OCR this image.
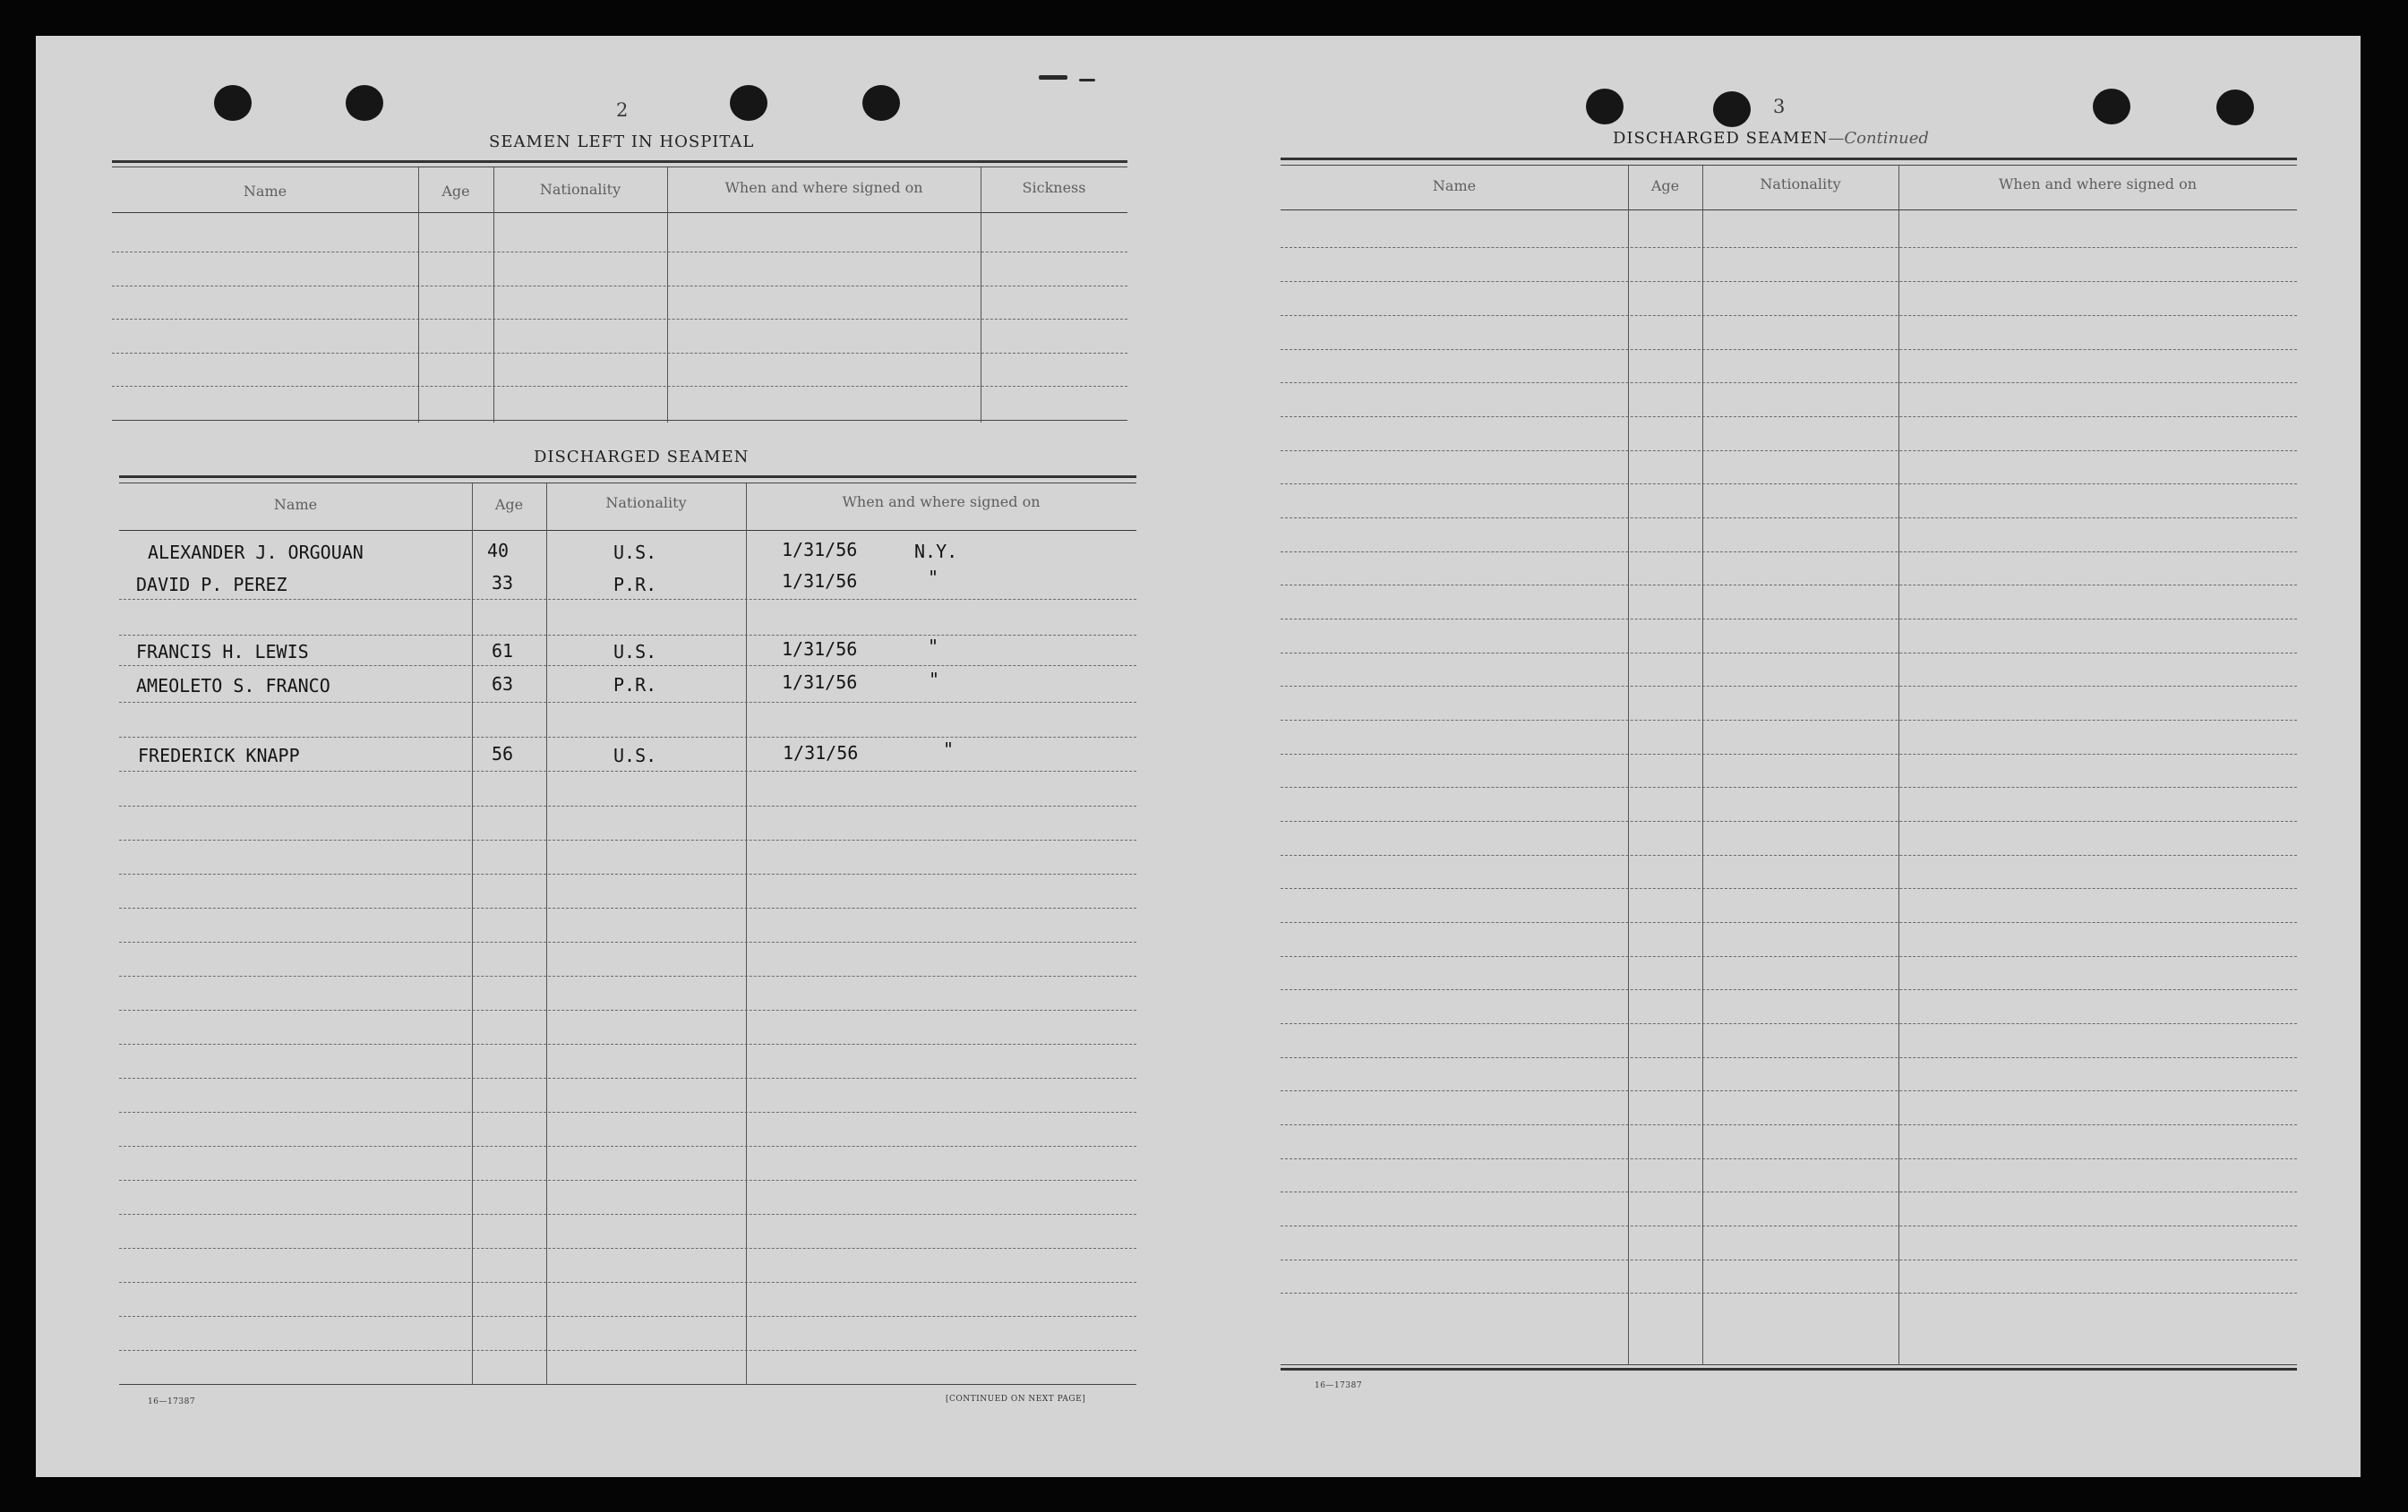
2
SEAMEN LEFT IN HOSPITAL
Name	Age	Nationality	When and where signed on	Sickness
DISCHARGED SEAMEN
Name	Age	Nationality	When and where signed on
ALEXANDER J. ORGOUAN	40	U.S.	1/31/56	N.Y.
DAVID P. PEREZ	33	P.R.	1/31/56	"
FRANCIS H. LEWIS	61	U.S.	1/31/56	"
AMEOLETO S. FRANCO	63	P.R.	1/31/56	"
FREDERICK KNAPP	56	U.S.	1/31/56	"
16—17387	[CONTINUED ON NEXT PAGE]
3
DISCHARGED SEAMEN—Continued
Name	Age	Nationality	When and where signed on
16—17387
